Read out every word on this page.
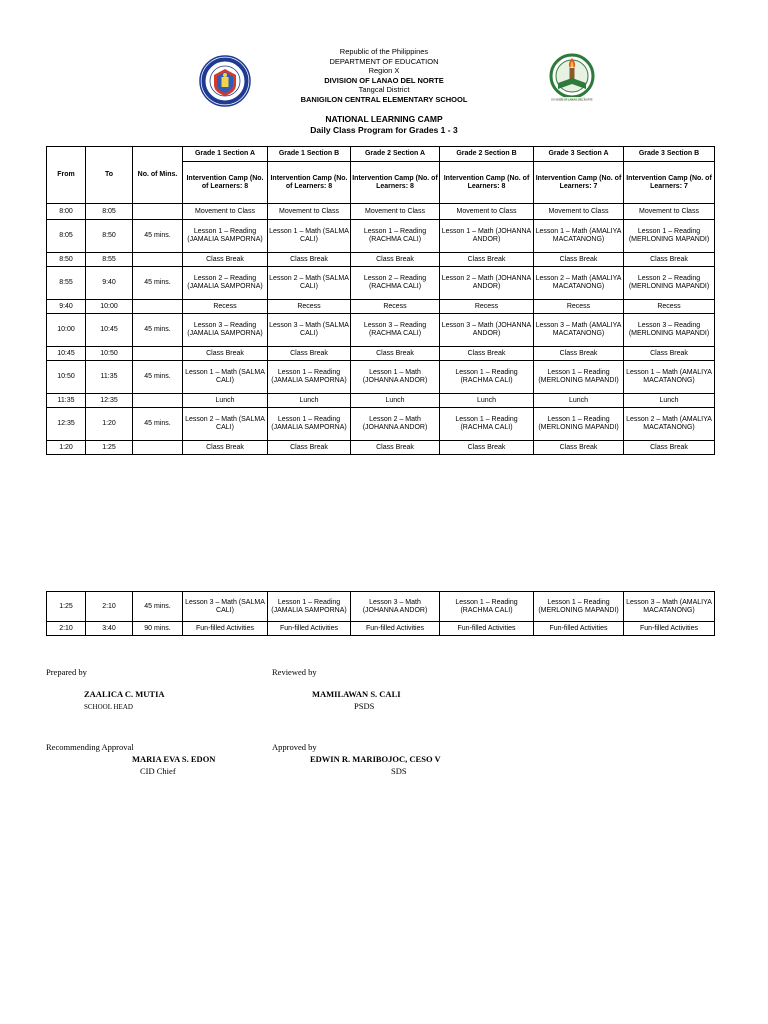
DIVISION OF LANAO DEL NORTE
Republic of the Philippines
DEPARTMENT OF EDUCATION
Region X
DIVISION OF LANAO DEL NORTE
Tangcal District
BANIGILON CENTRAL ELEMENTARY SCHOOL
NATIONAL LEARNING CAMP
Daily Class Program for Grades 1 - 3
From	To	No. of Mins.	Grade 1 Section A	Grade 1 Section B	Grade 2 Section A	Grade 2 Section B	Grade 3 Section A	Grade 3 Section B
			Intervention Camp (No. of Learners: 8	Intervention Camp (No. of Learners: 8	Intervention Camp (No. of Learners: 8	Intervention Camp (No. of Learners: 8	Intervention Camp (No. of Learners: 7	Intervention Camp (No. of Learners: 7
8:00	8:05		Movement to Class	Movement to Class	Movement to Class	Movement to Class	Movement to Class	Movement to Class
8:05	8:50	45 mins.	Lesson 1 – Reading (JAMALIA SAMPORNA)	Lesson 1 – Math (SALMA CALI)	Lesson 1 – Reading (RACHMA CALI)	Lesson 1 – Math (JOHANNA ANDOR)	Lesson 1 – Math (AMALIYA MACATANONG)	Lesson 1 – Reading (MERLONING MAPANDI)
8:50	8:55		Class Break	Class Break	Class Break	Class Break	Class Break	Class Break
8:55	9:40	45 mins.	Lesson 2 – Reading (JAMALIA SAMPORNA)	Lesson 2 – Math (SALMA CALI)	Lesson 2 – Reading (RACHMA CALI)	Lesson 2 – Math (JOHANNA ANDOR)	Lesson 2 – Math (AMALIYA MACATANONG)	Lesson 2 – Reading (MERLONING MAPANDI)
9:40	10:00		Recess	Recess	Recess	Recess	Recess	Recess
10:00	10:45	45 mins.	Lesson 3 – Reading (JAMALIA SAMPORNA)	Lesson 3 – Math (SALMA CALI)	Lesson 3 – Reading (RACHMA CALI)	Lesson 3 – Math (JOHANNA ANDOR)	Lesson 3 – Math (AMALIYA MACATANONG)	Lesson 3 – Reading (MERLONING MAPANDI)
10:45	10:50		Class Break	Class Break	Class Break	Class Break	Class Break	Class Break
10:50	11:35	45 mins.	Lesson 1 – Math (SALMA CALI)	Lesson 1 – Reading (JAMALIA SAMPORNA)	Lesson 1 – Math (JOHANNA ANDOR)	Lesson 1 – Reading (RACHMA CALI)	Lesson 1 – Reading (MERLONING MAPANDI)	Lesson 1 – Math (AMALIYA MACATANONG)
11:35	12:35		Lunch	Lunch	Lunch	Lunch	Lunch	Lunch
12:35	1:20	45 mins.	Lesson 2 – Math (SALMA CALI)	Lesson 1 – Reading (JAMALIA SAMPORNA)	Lesson 2 – Math (JOHANNA ANDOR)	Lesson 1 – Reading (RACHMA CALI)	Lesson 1 – Reading (MERLONING MAPANDI)	Lesson 2 – Math (AMALIYA MACATANONG)
1:20	1:25		Class Break	Class Break	Class Break	Class Break	Class Break	Class Break
1:25	2:10	45 mins.	Lesson 3 – Math (SALMA CALI)	Lesson 1 – Reading (JAMALIA SAMPORNA)	Lesson 3 – Math (JOHANNA ANDOR)	Lesson 1 – Reading (RACHMA CALI)	Lesson 1 – Reading (MERLONING MAPANDI)	Lesson 3 – Math (AMALIYA MACATANONG)
2:10	3:40	90 mins.	Fun-filled Activities	Fun-filled Activities	Fun-filled Activities	Fun-filled Activities	Fun-filled Activities	Fun-filled Activities
Prepared by
ZAALICA C. MUTIA
SCHOOL HEAD
Reviewed by
MAMILAWAN S. CALI
PSDS
Recommending Approval
MARIA EVA S. EDON
CID Chief
Approved by
EDWIN R. MARIBOJOC, CESO V
SDS
